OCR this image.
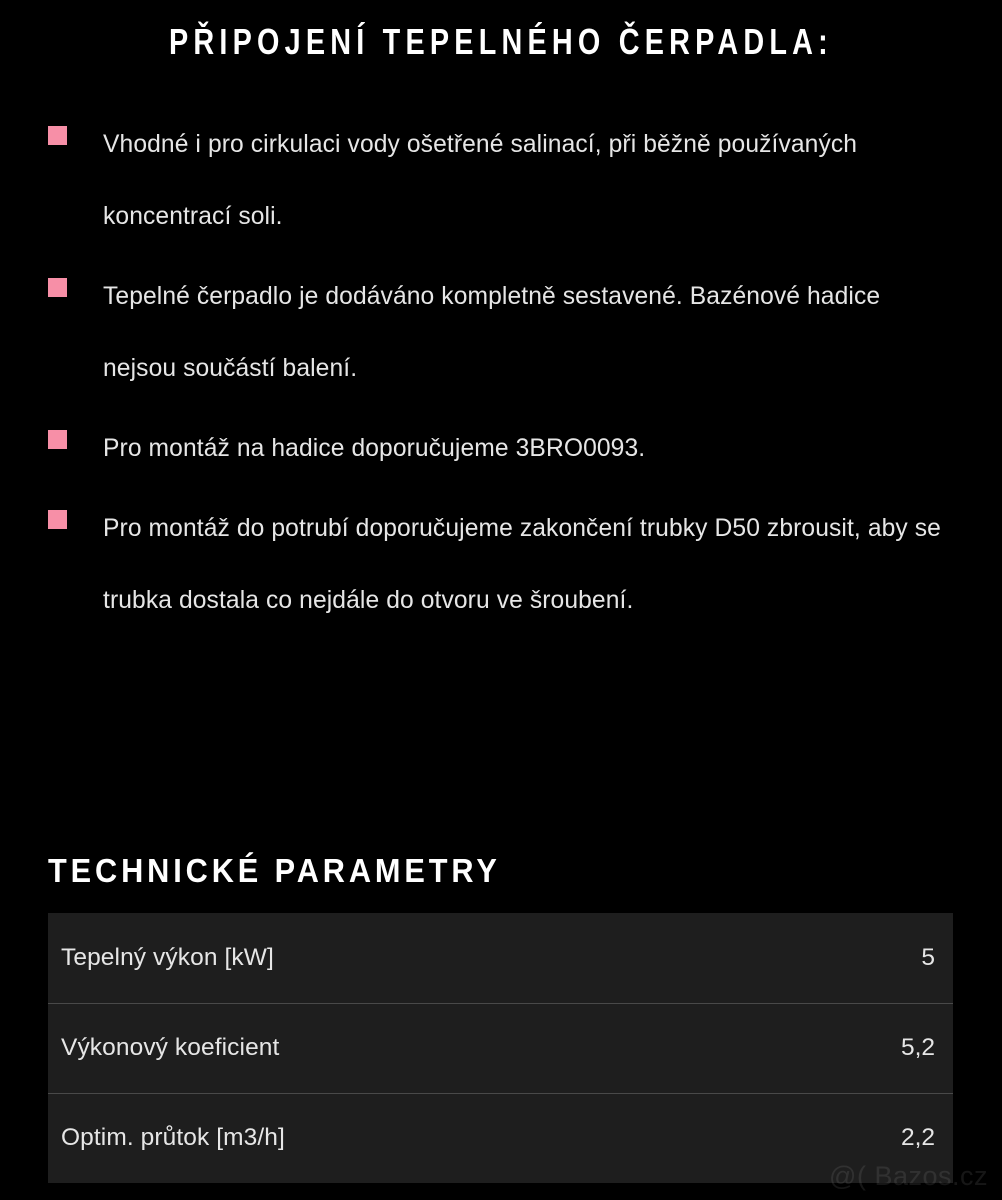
PŘIPOJENÍ TEPELNÉHO ČERPADLA:
Vhodné i pro cirkulaci vody ošetřené salinací, při běžně používaných koncentrací soli.
Tepelné čerpadlo je dodáváno kompletně sestavené. Bazénové hadice nejsou součástí balení.
Pro montáž na hadice doporučujeme 3BRO0093.
Pro montáž do potrubí doporučujeme zakončení trubky D50 zbrousit, aby se trubka dostala co nejdále do otvoru ve šroubení.
TECHNICKÉ PARAMETRY
Tepelný výkon [kW]	5
Výkonový koeficient	5,2
Optim. průtok [m3/h]	2,2
